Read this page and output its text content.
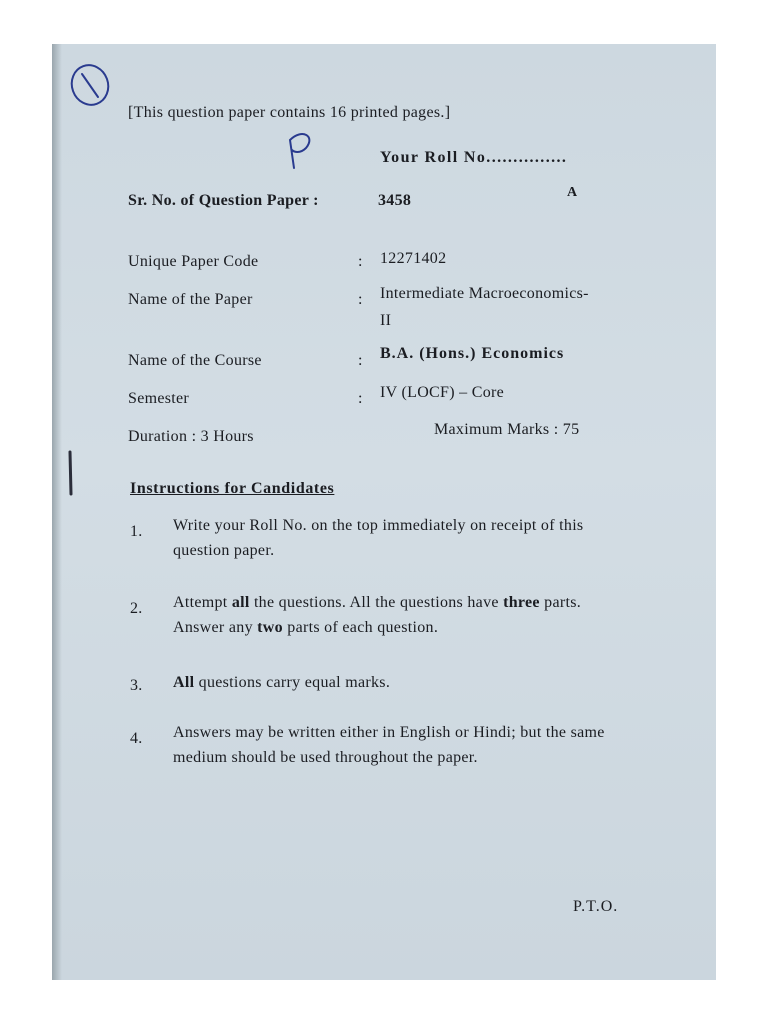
[This question paper contains 16 printed pages.]
Your Roll No...............
Sr. No. of Question Paper :	3458	A
Unique Paper Code	: 12271402
Name of the Paper	: Intermediate Macroeconomics-
II
Name of the Course	: B.A. (Hons.) Economics
Semester	: IV (LOCF) – Core
Duration : 3 Hours	Maximum Marks : 75
Instructions for Candidates
1. Write your Roll No. on the top immediately on receipt of this question paper.
2. Attempt all the questions. All the questions have three parts. Answer any two parts of each question.
3. All questions carry equal marks.
4. Answers may be written either in English or Hindi; but the same medium should be used throughout the paper.
P.T.O.
